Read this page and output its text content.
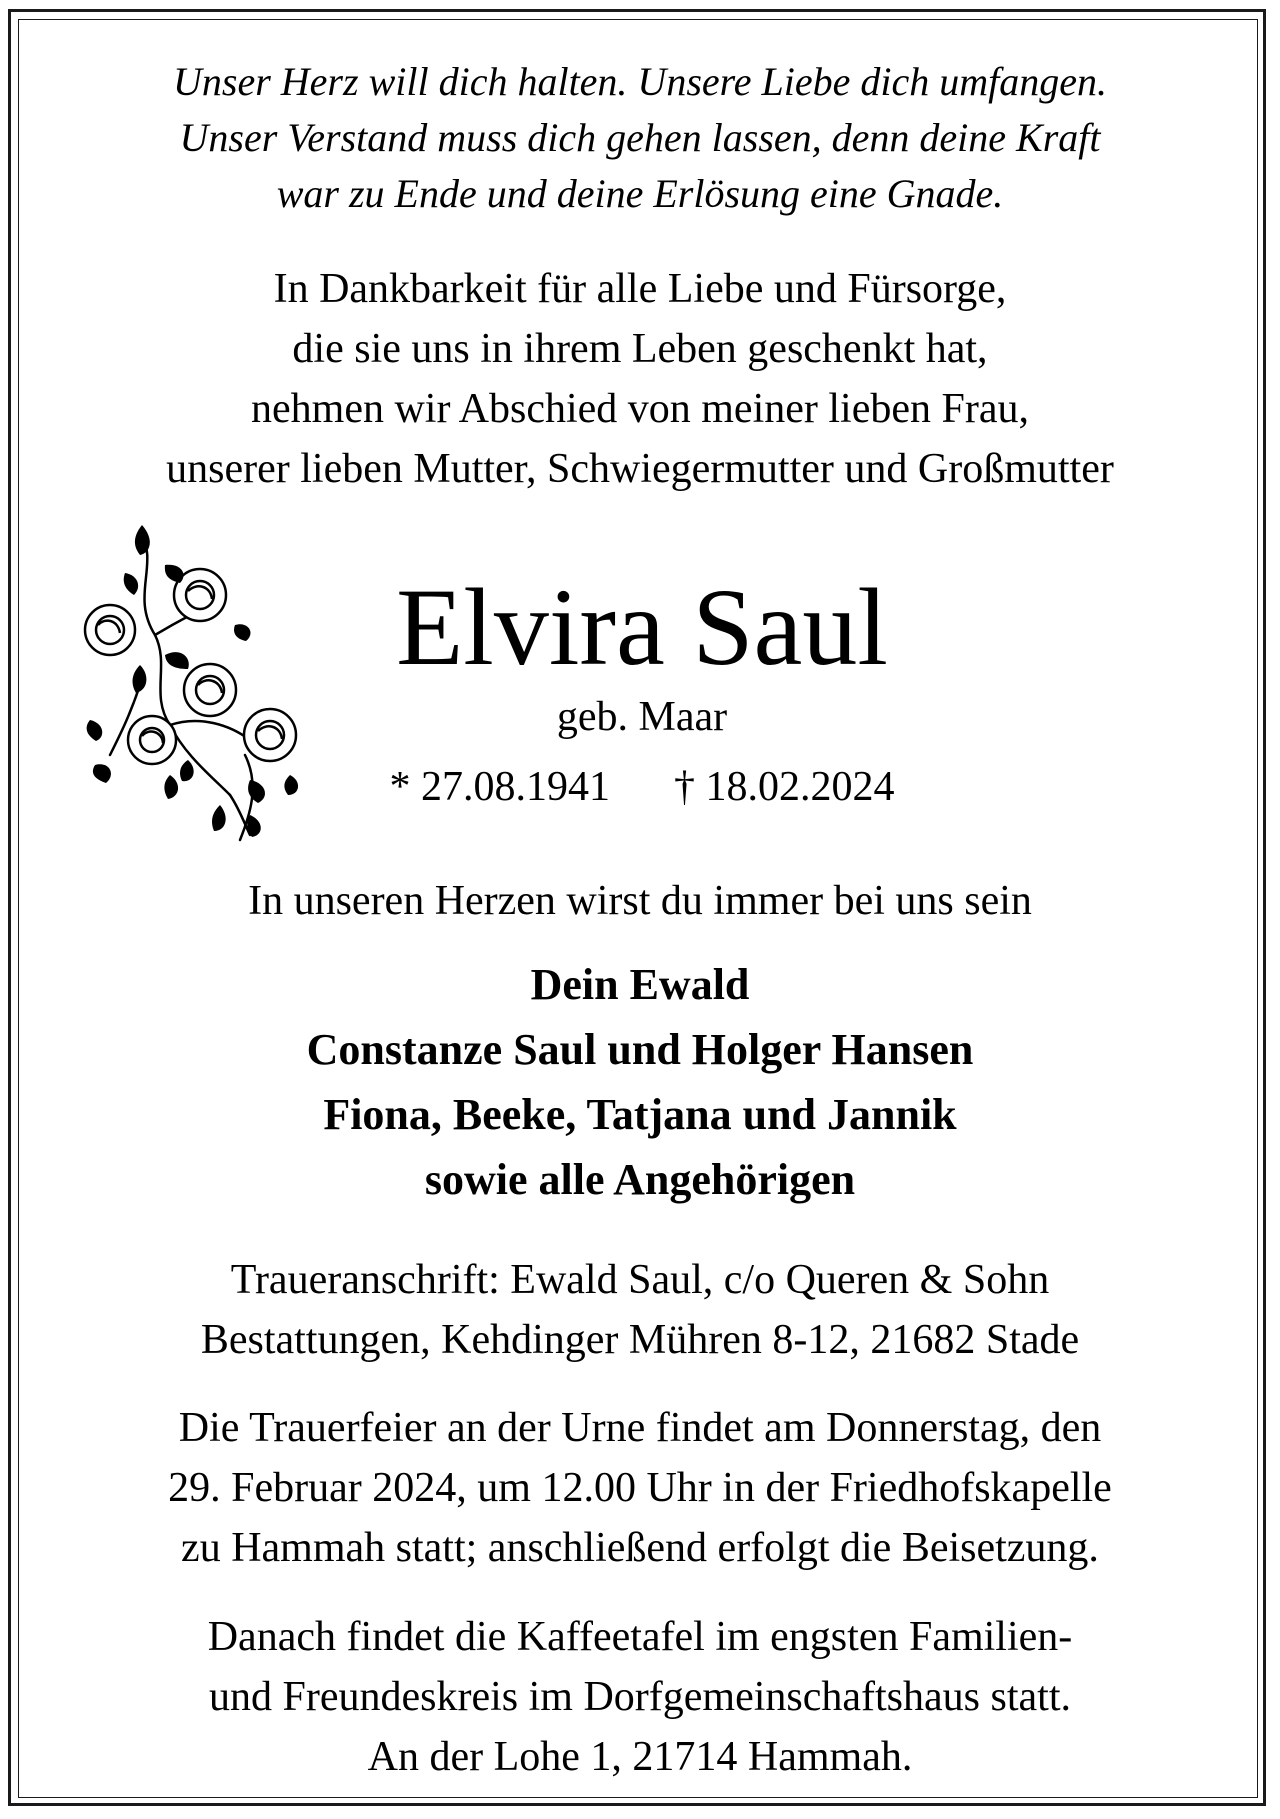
Unser Herz will dich halten. Unsere Liebe dich umfangen.
Unser Verstand muss dich gehen lassen, denn deine Kraft
war zu Ende und deine Erlösung eine Gnade.
In Dankbarkeit für alle Liebe und Fürsorge,
die sie uns in ihrem Leben geschenkt hat,
nehmen wir Abschied von meiner lieben Frau,
unserer lieben Mutter, Schwiegermutter und Großmutter
Elvira Saul
geb. Maar
* 27.08.1941 † 18.02.2024
In unseren Herzen wirst du immer bei uns sein
Dein Ewald
Constanze Saul und Holger Hansen
Fiona, Beeke, Tatjana und Jannik
sowie alle Angehörigen
Traueranschrift: Ewald Saul, c/o Queren & Sohn
Bestattungen, Kehdinger Mühren 8-12, 21682 Stade
Die Trauerfeier an der Urne findet am Donnerstag, den
29. Februar 2024, um 12.00 Uhr in der Friedhofskapelle
zu Hammah statt; anschließend erfolgt die Beisetzung.
Danach findet die Kaffeetafel im engsten Familien-
und Freundeskreis im Dorfgemeinschaftshaus statt.
An der Lohe 1, 21714 Hammah.
